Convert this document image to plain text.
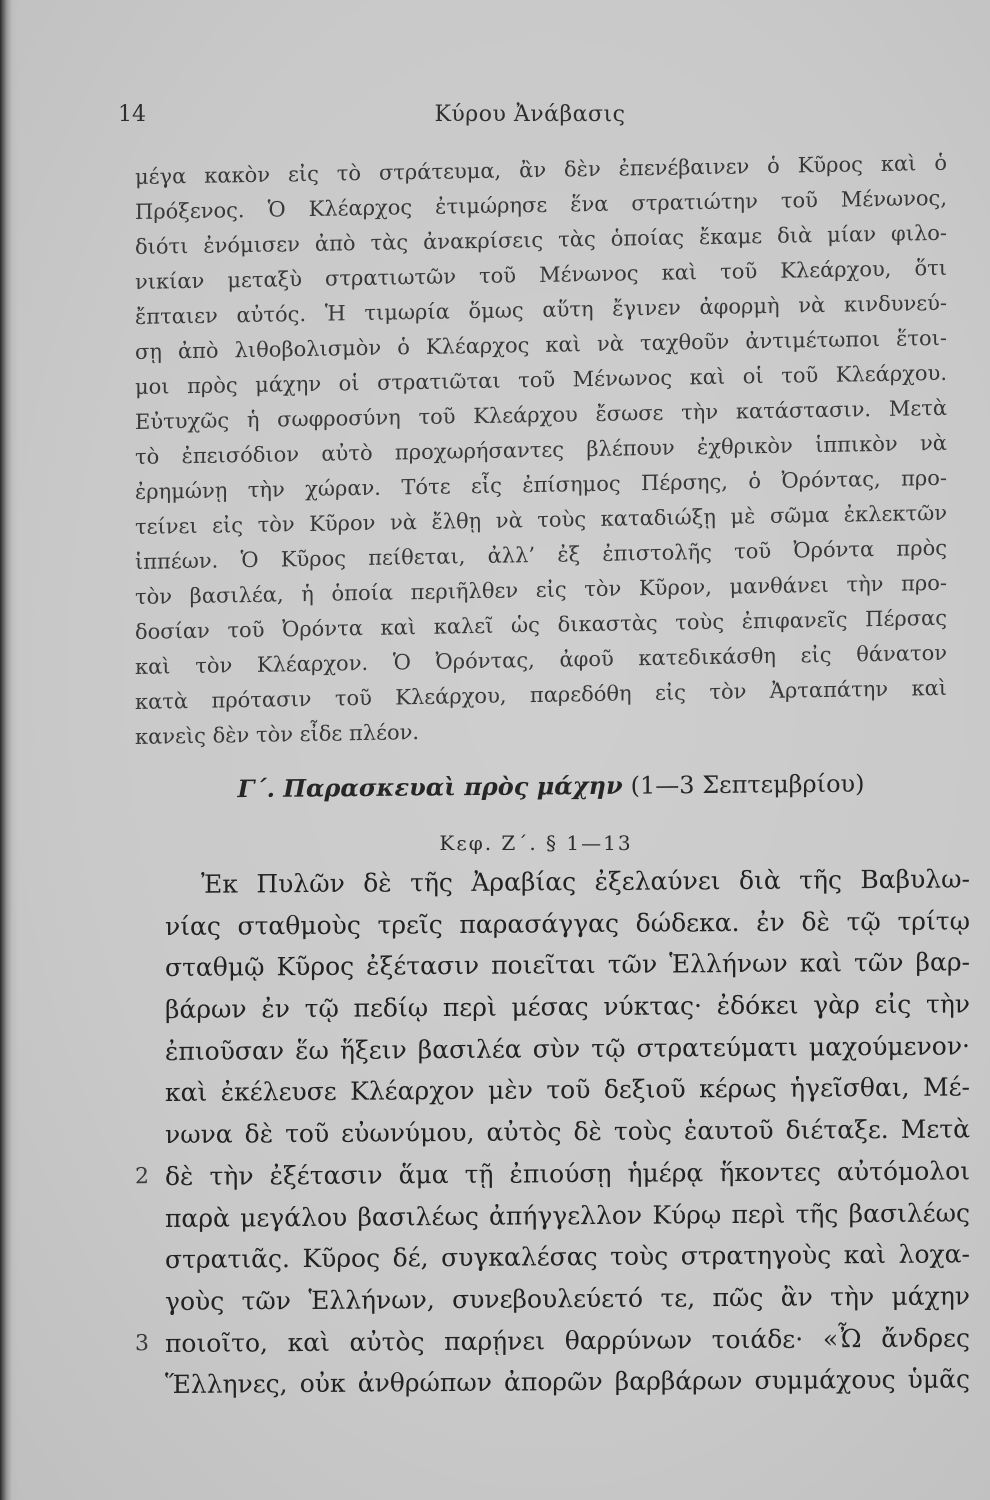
14	Κύρου Ἀνάβασις
μέγα κακὸν εἰς τὸ στράτευμα, ἂν δὲν ἐπενέβαινεν ὁ Κῦρος καὶ ὁ
Πρόξενος. Ὁ Κλέαρχος ἐτιμώρησε ἕνα στρατιώτην τοῦ Μένωνος,
διότι ἐνόμισεν ἀπὸ τὰς ἀνακρίσεις τὰς ὁποίας ἔκαμε διὰ μίαν φιλο-
νικίαν μεταξὺ στρατιωτῶν τοῦ Μένωνος καὶ τοῦ Κλεάρχου, ὅτι
ἔπταιεν αὐτός. Ἡ τιμωρία ὅμως αὕτη ἔγινεν ἀφορμὴ νὰ κινδυνεύ-
σῃ ἀπὸ λιθοβολισμὸν ὁ Κλέαρχος καὶ νὰ ταχθοῦν ἀντιμέτωποι ἕτοι-
μοι πρὸς μάχην οἱ στρατιῶται τοῦ Μένωνος καὶ οἱ τοῦ Κλεάρχου.
Εὐτυχῶς ἡ σωφροσύνη τοῦ Κλεάρχου ἔσωσε τὴν κατάστασιν. Μετὰ
τὸ ἐπεισόδιον αὐτὸ προχωρήσαντες βλέπουν ἐχθρικὸν ἱππικὸν νὰ
ἐρημώνῃ τὴν χώραν. Τότε εἷς ἐπίσημος Πέρσης, ὁ Ὀρόντας, προ-
τείνει εἰς τὸν Κῦρον νὰ ἔλθῃ νὰ τοὺς καταδιώξῃ μὲ σῶμα ἐκλεκτῶν
ἱππέων. Ὁ Κῦρος πείθεται, ἀλλ’ ἐξ ἐπιστολῆς τοῦ Ὀρόντα πρὸς
τὸν βασιλέα, ἡ ὁποία περιῆλθεν εἰς τὸν Κῦρον, μανθάνει τὴν προ-
δοσίαν τοῦ Ὀρόντα καὶ καλεῖ ὡς δικαστὰς τοὺς ἐπιφανεῖς Πέρσας
καὶ τὸν Κλέαρχον. Ὁ Ὀρόντας, ἀφοῦ κατεδικάσθη εἰς θάνατον
κατὰ πρότασιν τοῦ Κλεάρχου, παρεδόθη εἰς τὸν Ἀρταπάτην καὶ
κανεὶς δὲν τὸν εἶδε πλέον.
Γ΄. Παρασκευαὶ πρὸς μάχην (1—3 Σεπτεμβρίου)
Κεφ. Ζ΄. § 1—13
Ἐκ Πυλῶν δὲ τῆς Ἀραβίας ἐξελαύνει διὰ τῆς Βαβυλω-
νίας σταθμοὺς τρεῖς παρασάγγας δώδεκα. ἐν δὲ τῷ τρίτῳ
σταθμῷ Κῦρος ἐξέτασιν ποιεῖται τῶν Ἑλλήνων καὶ τῶν βαρ-
βάρων ἐν τῷ πεδίῳ περὶ μέσας νύκτας· ἐδόκει γὰρ εἰς τὴν
ἐπιοῦσαν ἕω ἥξειν βασιλέα σὺν τῷ στρατεύματι μαχούμενον·
καὶ ἐκέλευσε Κλέαρχον μὲν τοῦ δεξιοῦ κέρως ἡγεῖσθαι, Μέ-
νωνα δὲ τοῦ εὐωνύμου, αὐτὸς δὲ τοὺς ἑαυτοῦ διέταξε. Μετὰ
2 δὲ τὴν ἐξέτασιν ἅμα τῇ ἐπιούσῃ ἡμέρᾳ ἥκοντες αὐτόμολοι
παρὰ μεγάλου βασιλέως ἀπήγγελλον Κύρῳ περὶ τῆς βασιλέως
στρατιᾶς. Κῦρος δέ, συγκαλέσας τοὺς στρατηγοὺς καὶ λοχα-
γοὺς τῶν Ἑλλήνων, συνεβουλεύετό τε, πῶς ἂν τὴν μάχην
3 ποιοῖτο, καὶ αὐτὸς παρῄνει θαρρύνων τοιάδε· «Ὦ ἄνδρες
Ἕλληνες, οὐκ ἀνθρώπων ἀπορῶν βαρβάρων συμμάχους ὑμᾶς
